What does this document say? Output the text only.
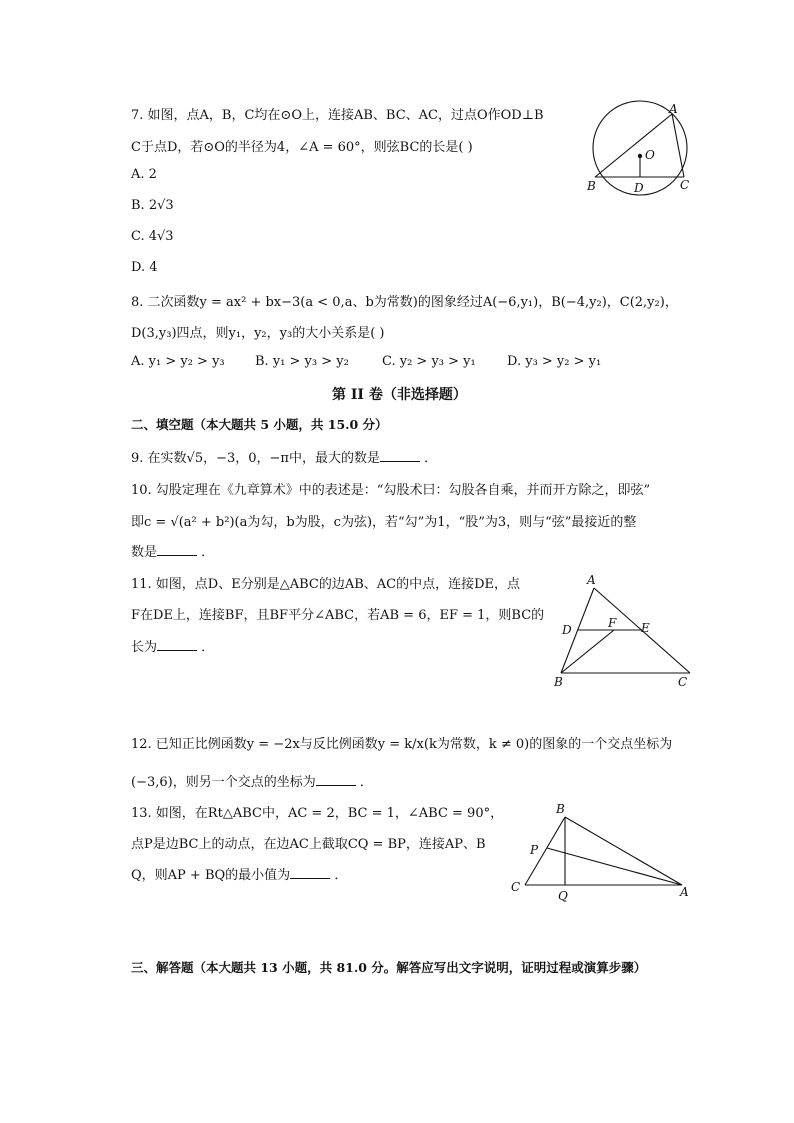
7. 如图，点A，B，C均在⊙O上，连接AB、BC、AC，过点O作OD⊥B
C于点D，若⊙O的半径为4，∠A = 60°，则弦BC的长是( )
A. 2
B. 2√3
C. 4√3
D. 4
A
O
B	D	C
8. 二次函数y = ax² + bx−3(a < 0,a、b为常数)的图象经过A(−6,y₁)，B(−4,y₂)，C(2,y₂)，
D(3,y₃)四点，则y₁，y₂，y₃的大小关系是( )
A. y₁ > y₂ > y₃ B. y₁ > y₃ > y₂	C. y₂ > y₃ > y₁ D. y₃ > y₂ > y₁
第 II 卷（非选择题）
二、填空题（本大题共 5 小题，共 15.0 分）
9. 在实数√5，−3，0，−π中，最大的数是	．
10. 勾股定理在《九章算术》中的表述是：“勾股术曰：勾股各自乘，并而开方除之，即弦”
即c = √(a² + b²)(a为勾，b为股，c为弦)，若“勾”为1，“股”为3，则与“弦”最接近的整
数是	．
11. 如图，点D、E分别是△ABC的边AB、AC的中点，连接DE，点
F在DE上，连接BF，且BF平分∠ABC，若AB = 6，EF = 1，则BC的
长为	．
A
D	F E
B	C
12. 已知正比例函数y = −2x与反比例函数y = k/x(k为常数，k ≠ 0)的图象的一个交点坐标为
(−3,6)，则另一个交点的坐标为	．
13. 如图，在Rt△ABC中，AC = 2，BC = 1，∠ABC = 90°，
点P是边BC上的动点，在边AC上截取CQ = BP，连接AP、B
Q，则AP + BQ的最小值为	．
B
P
C
Q	A
三、解答题（本大题共 13 小题，共 81.0 分。解答应写出文字说明，证明过程或演算步骤）
